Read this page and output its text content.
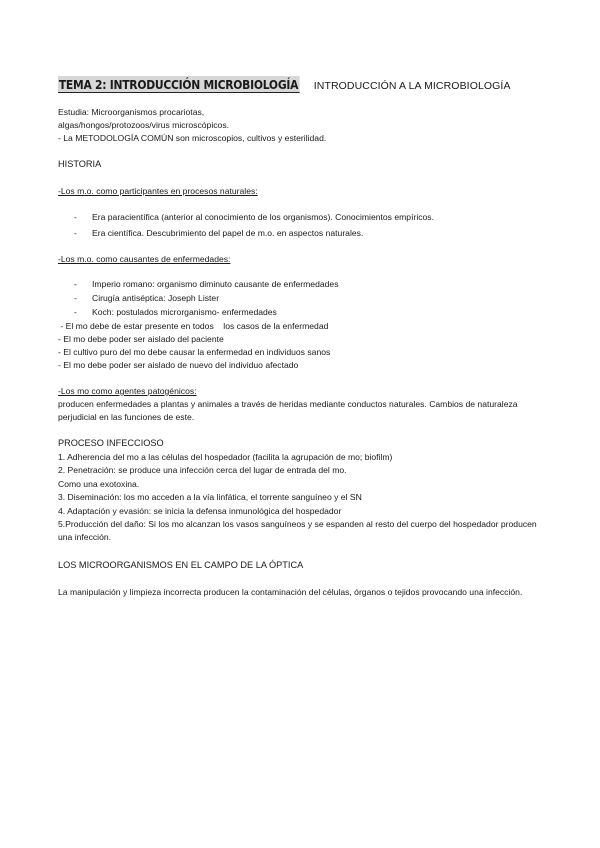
TEMA 2: INTRODUCCIÓN MICROBIOLOGÍA INTRODUCCIÓN A LA MICROBIOLOGÍA
Estudia: Microorganismos procariotas,
algas/hongos/protozoos/virus microscópicos.
- La METODOLOGÍA COMÚN son microscopios, cultivos y esterilidad.
HISTORIA
-Los m.o. como participantes en procesos naturales:
- Era paracientífica (anterior al conocimiento de los organismos). Conocimientos empíricos.
- Era científica. Descubrimiento del papel de m.o. en aspectos naturales.
-Los m.o. como causantes de enfermedades:
- Imperio romano: organismo diminuto causante de enfermedades
- Cirugía antiséptica: Joseph Lister
- Koch: postulados microrganismo- enfermedades
- El mo debe de estar presente en todos    los casos de la enfermedad
- El mo debe poder ser aislado del paciente
- El cultivo puro del mo debe causar la enfermedad en individuos sanos
- El mo debe poder ser aislado de nuevo del individuo afectado
-Los mo como agentes patogénicos:
producen enfermedades a plantas y animales a través de heridas mediante conductos naturales. Cambios de naturaleza perjudicial en las funciones de este.
PROCESO INFECCIOSO
1. Adherencia del mo a las células del hospedador (facilita la agrupación de mo; biofilm)
2. Penetración: se produce una infección cerca del lugar de entrada del mo.
Como una exotoxina.
3. Diseminación: los mo acceden a la vía linfática, el torrente sanguíneo y el SN
4. Adaptación y evasión: se inicia la defensa inmunológica del hospedador
5.Producción del daño: Si los mo alcanzan los vasos sanguíneos y se espanden al resto del cuerpo del hospedador producen una infección.
LOS MICROORGANISMOS EN EL CAMPO DE LA ÓPTICA
La manipulación y limpieza incorrecta producen la contaminación del células, órganos o tejidos provocando una infección.
